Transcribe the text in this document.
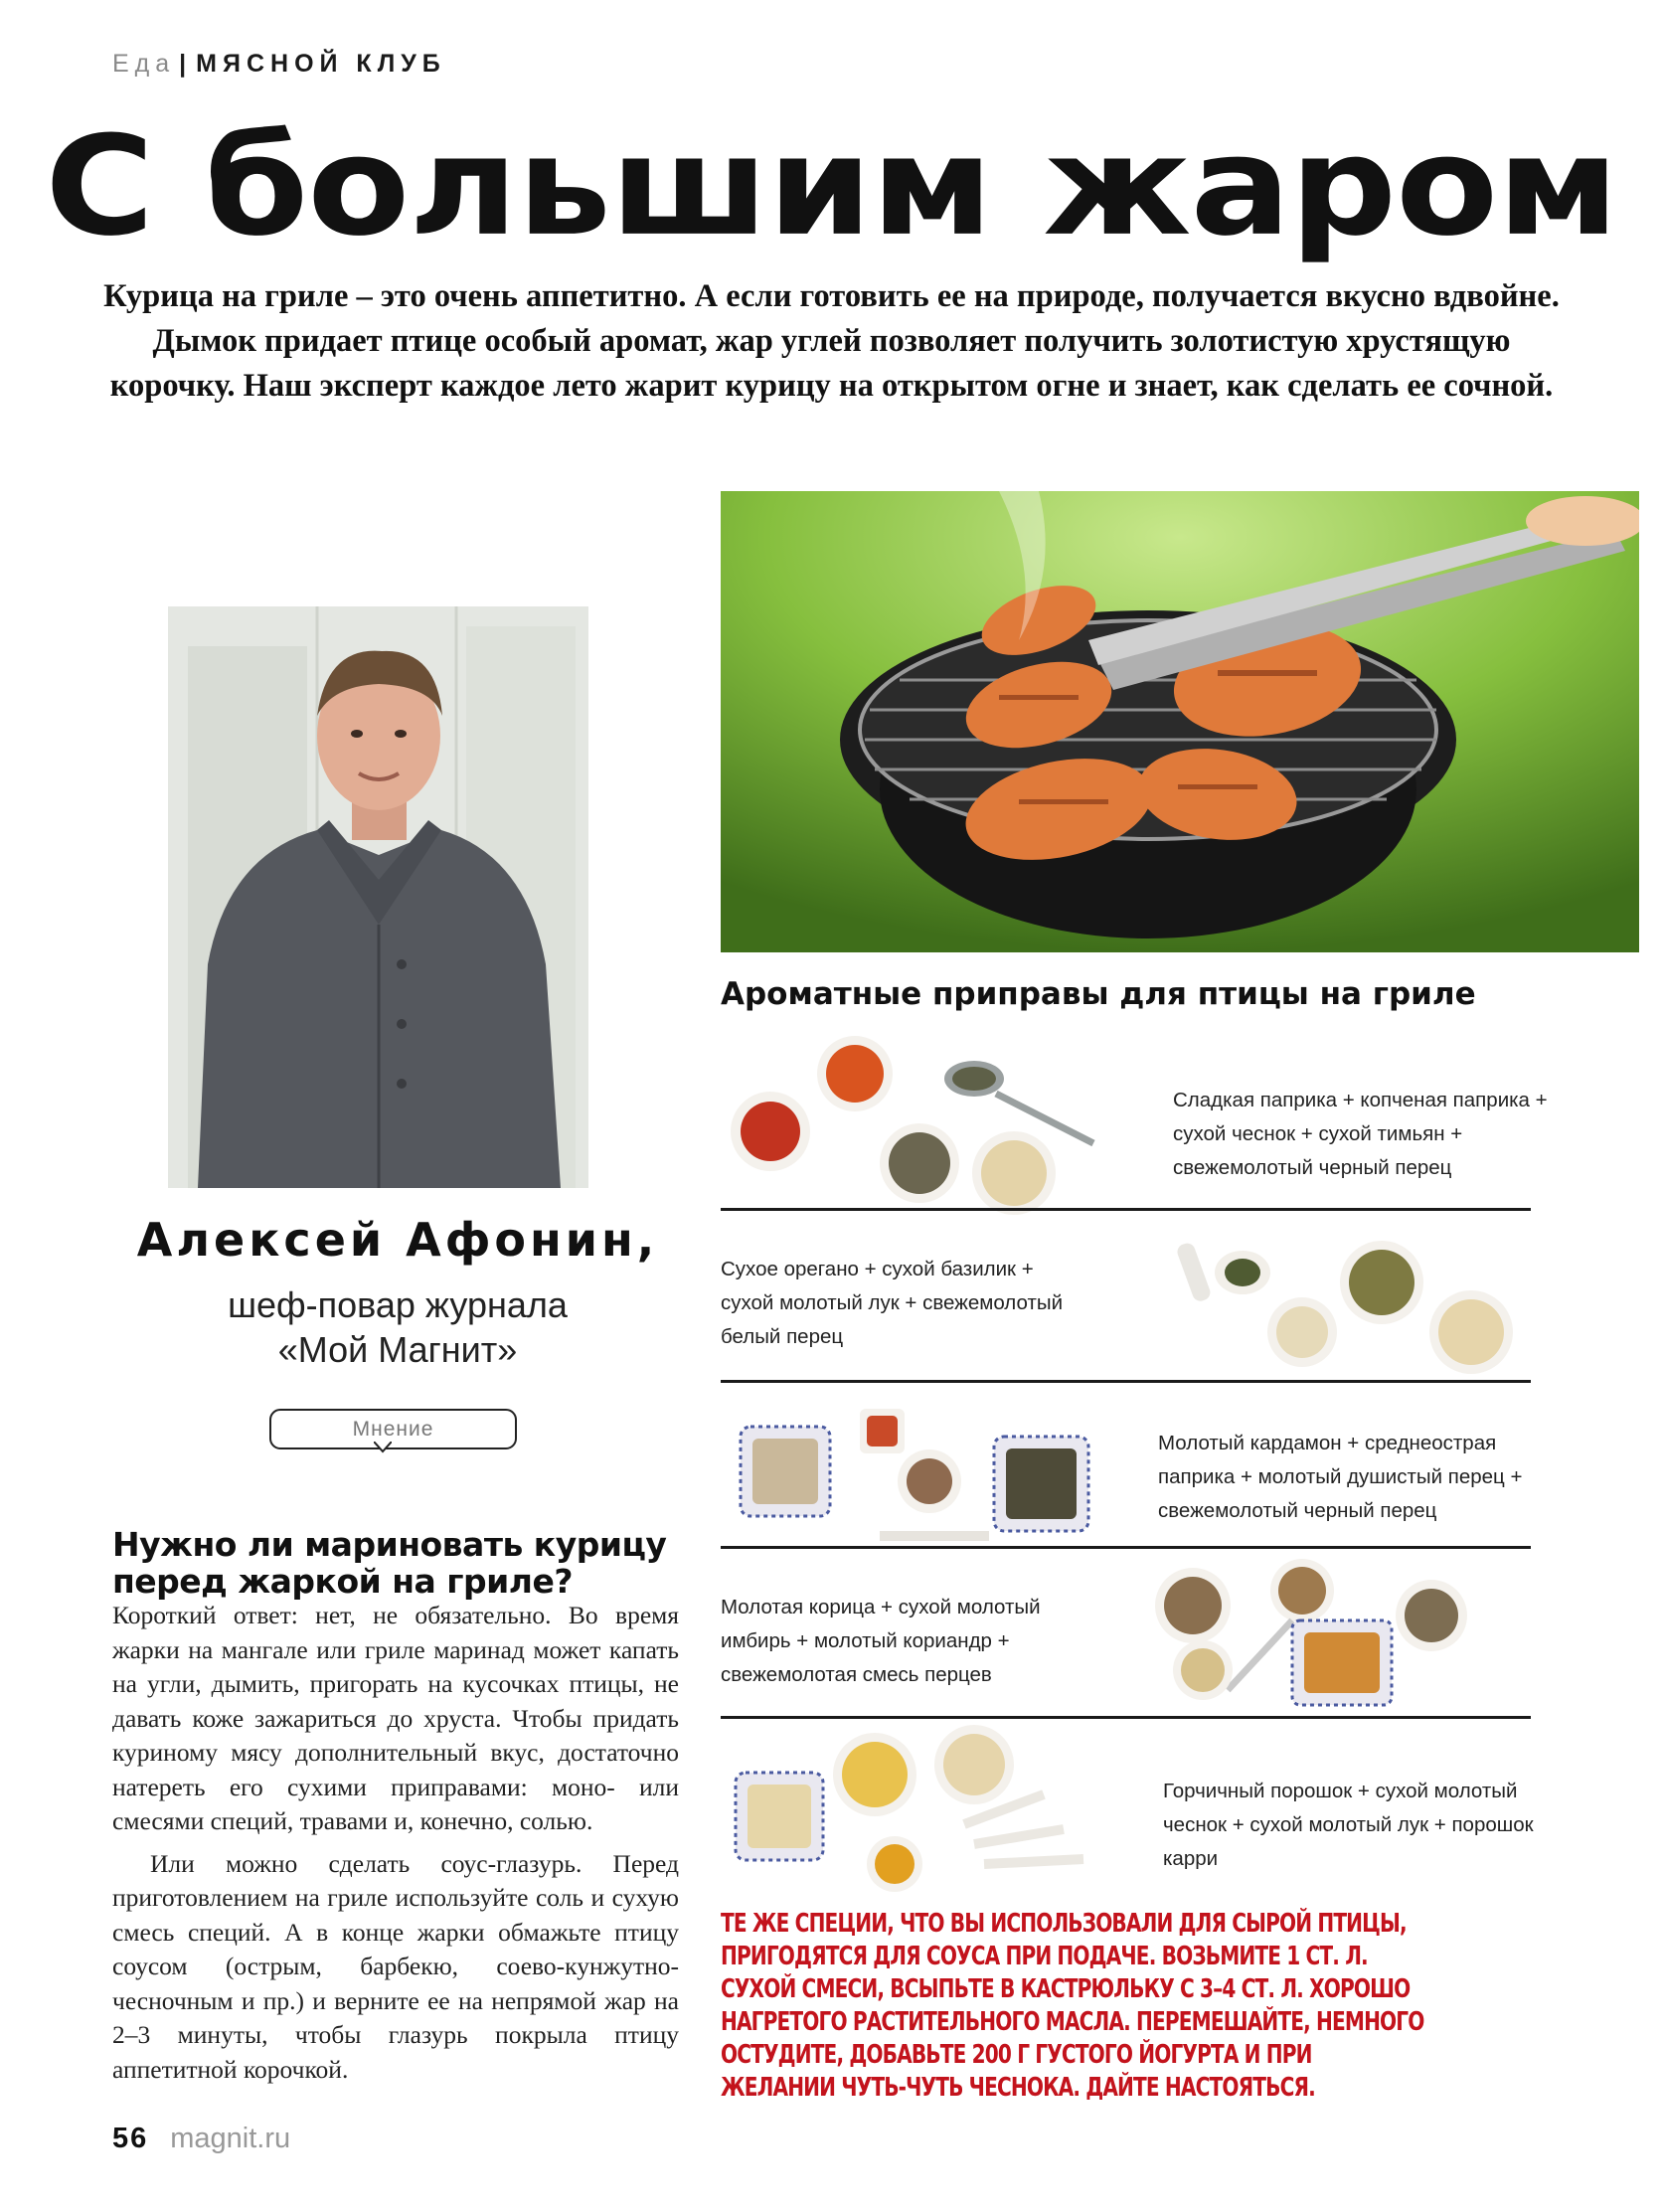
Еда | МЯСНОЙ КЛУБ
С большим жаром
Курица на гриле – это очень аппетитно. А если готовить ее на природе, получается вкусно вдвойне. Дымок придает птице особый аромат, жар углей позволяет получить золотистую хрустящую корочку. Наш эксперт каждое лето жарит курицу на открытом огне и знает, как сделать ее сочной.
Алексей Афонин,
шеф-повар журнала
«Мой Магнит»
Мнение
Нужно ли мариновать курицу перед жаркой на гриле?

Короткий ответ: нет, не обязательно. Во время жарки на мангале или гриле маринад может капать на угли, дымить, пригорать на кусочках птицы, не давать коже зажариться до хруста. Чтобы придать куриному мясу дополнительный вкус, достаточно натереть его сухими приправами: моно- или смесями специй, травами и, конечно, солью.

Или можно сделать соус-глазурь. Перед приготовлением на гриле используйте соль и сухую смесь специй. А в конце жарки обмажьте птицу соусом (острым, барбекю, соево-кунжутно-чесночным и пр.) и верните ее на непрямой жар на 2–3 минуты, чтобы глазурь покрыла птицу аппетитной корочкой.

Ароматные приправы для птицы на гриле
Сладкая паприка + копченая паприка + сухой чеснок + сухой тимьян + свежемолотый черный перец
Сухое орегано + сухой базилик + сухой молотый лук + свежемолотый белый перец
Молотый кардамон + среднеострая паприка + молотый душистый перец + свежемолотый черный перец
Молотая корица + сухой молотый имбирь + молотый кориандр + свежемолотая смесь перцев
Горчичный порошок + сухой молотый чеснок + сухой молотый лук + порошок карри
ТЕ ЖЕ СПЕЦИИ, ЧТО ВЫ ИСПОЛЬЗОВАЛИ ДЛЯ СЫРОЙ ПТИЦЫ, ПРИГОДЯТСЯ ДЛЯ СОУСА ПРИ ПОДАЧЕ. ВОЗЬМИТЕ 1 СТ. Л. СУХОЙ СМЕСИ, ВСЫПЬТЕ В КАСТРЮЛЬКУ С 3–4 СТ. Л. ХОРОШО НАГРЕТОГО РАСТИТЕЛЬНОГО МАСЛА. ПЕРЕМЕШАЙТЕ, НЕМНОГО ОСТУДИТЕ, ДОБАВЬТЕ 200 Г ГУСТОГО ЙОГУРТА И ПРИ ЖЕЛАНИИ ЧУТЬ-ЧУТЬ ЧЕСНОКА. ДАЙТЕ НАСТОЯТЬСЯ.
56 magnit.ru
